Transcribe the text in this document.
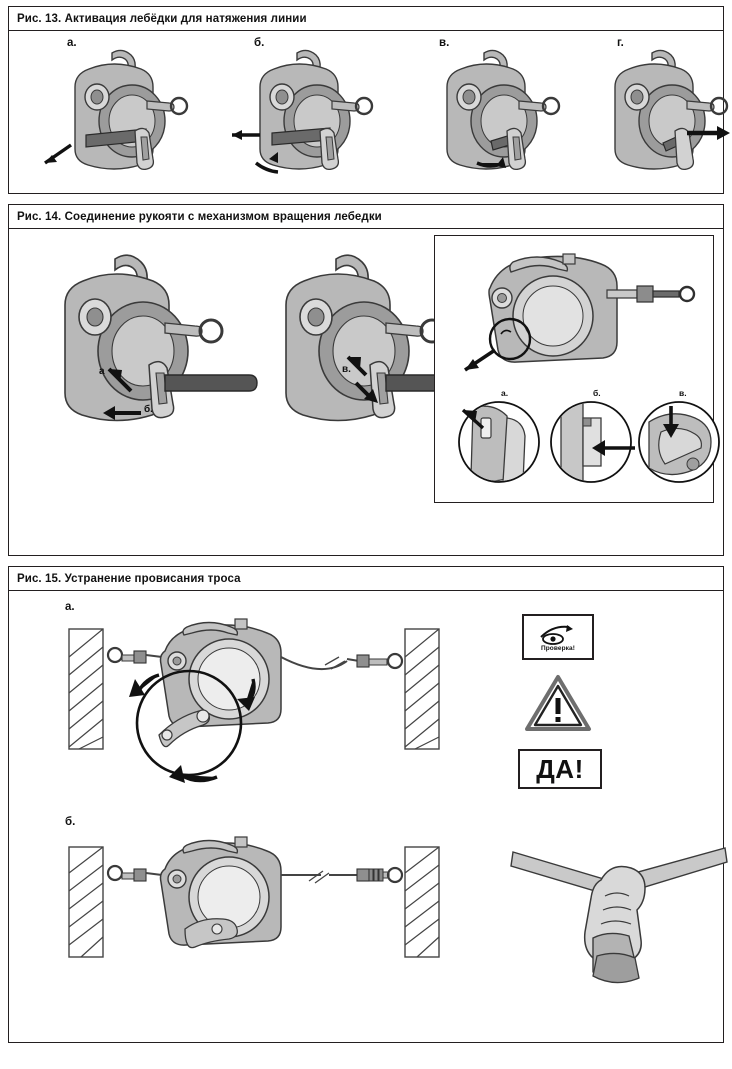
Рис. 13. Активация лебёдки для натяжения линии
а.	б.	в.	г.
Рис. 14. Соединение рукояти с механизмом вращения лебедки
а
б.
в.
а.	б.	в.
Рис. 15. Устранение провисания троса
а.
б.
Проверка!
ДА!
